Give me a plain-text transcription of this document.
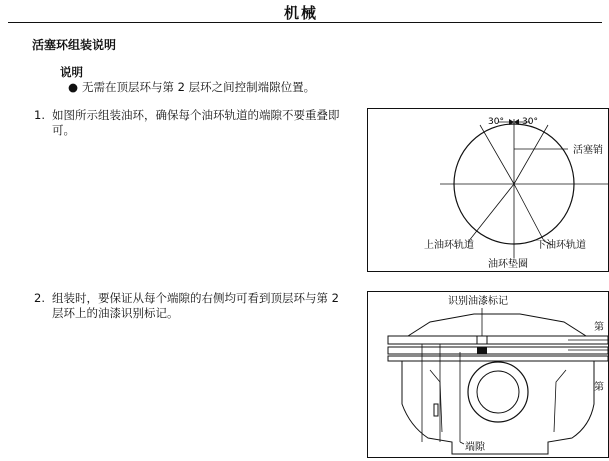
机械
活塞环组装说明
说明
● 无需在顶层环与第 2 层环之间控制端隙位置。
1. 如图所示组装油环，确保每个油环轨道的端隙不要重叠即可。
2. 组装时，要保证从每个端隙的右侧均可看到顶层环与第 2 层环上的油漆识别标记。
30° 30°
活塞销
上油环轨道	下油环轨道
油环垫圈
识别油漆标记
端隙
第
第
